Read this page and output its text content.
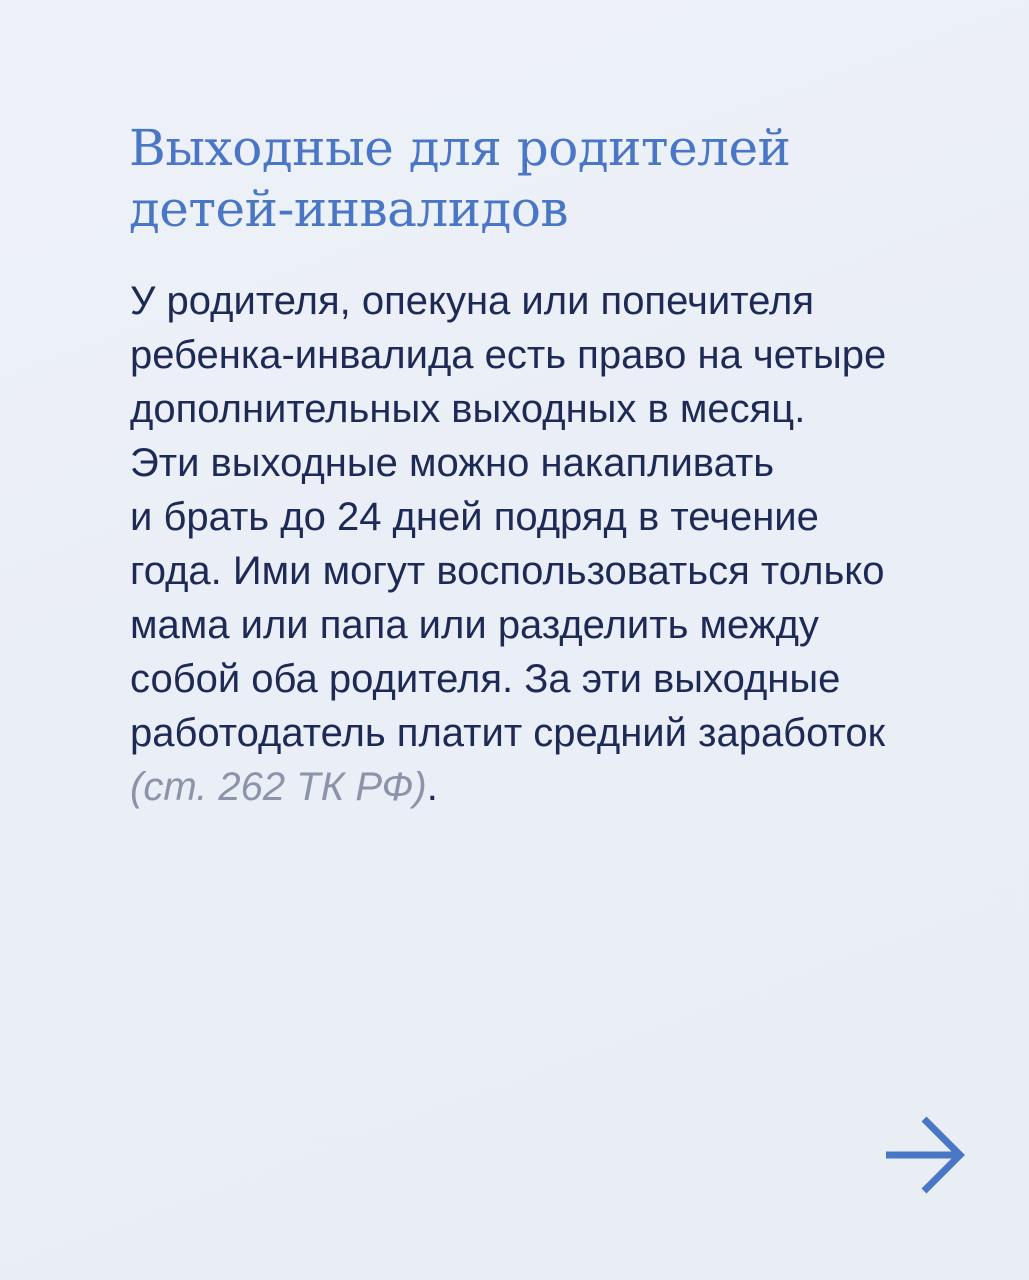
Выходные для родителей
детей-инвалидов
У родителя, опекуна или попечителя
ребенка-инвалида есть право на четыре
дополнительных выходных в месяц.
Эти выходные можно накапливать
и брать до 24 дней подряд в течение
года. Ими могут воспользоваться только
мама или папа или разделить между
собой оба родителя. За эти выходные
работодатель платит средний заработок
(ст. 262 ТК РФ).
